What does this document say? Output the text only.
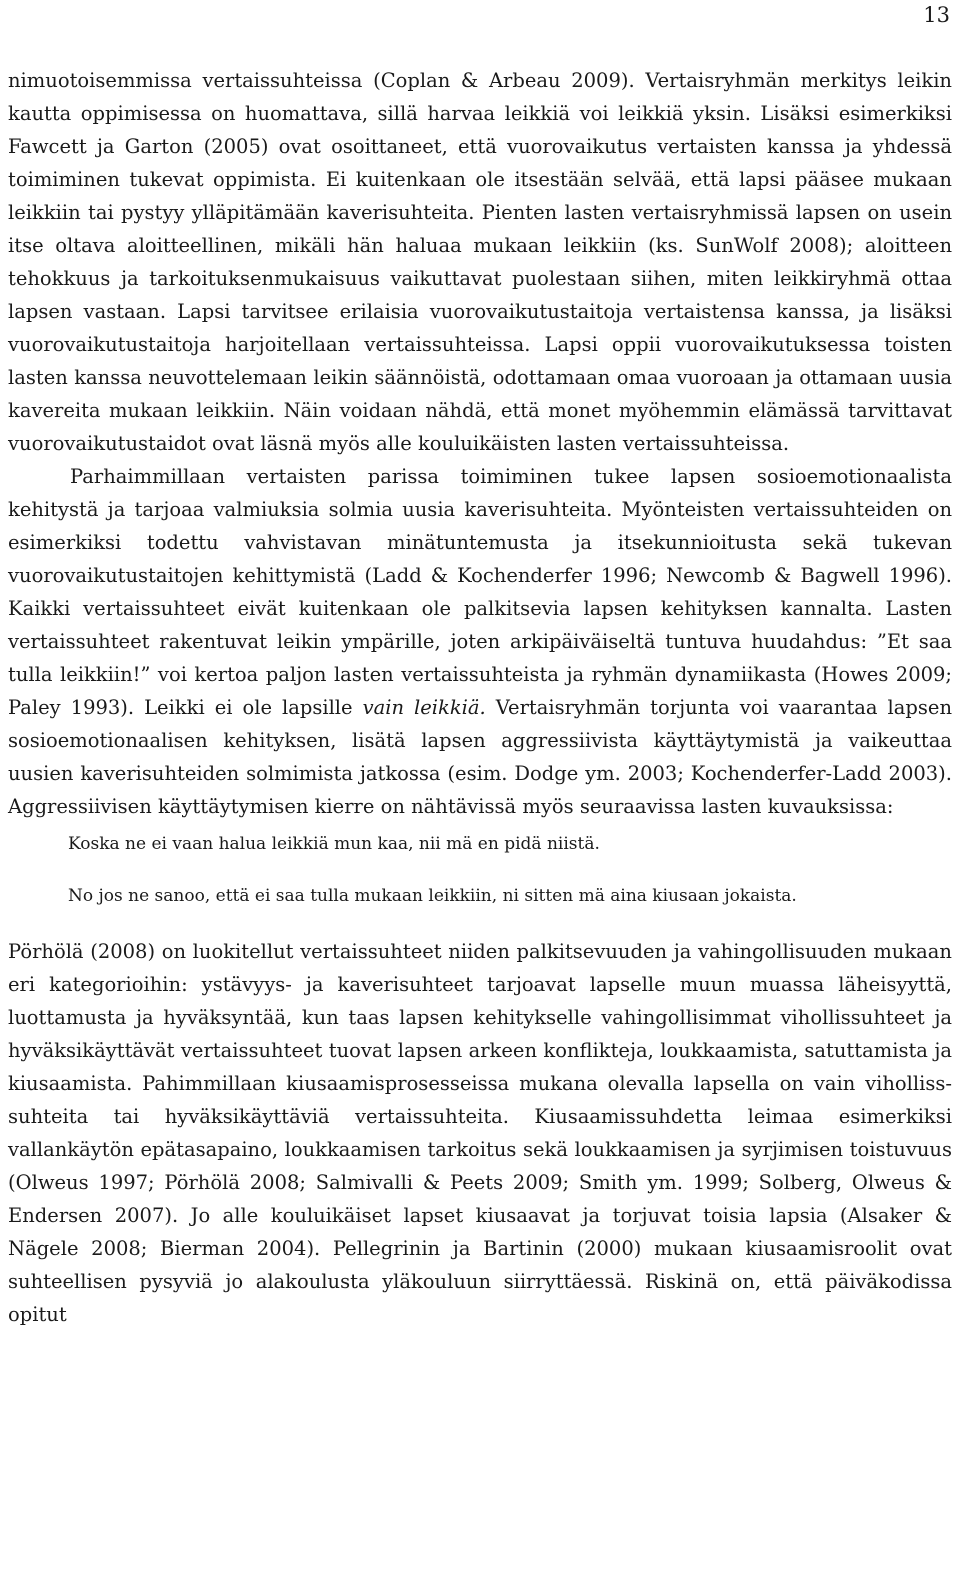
13

nimuotoisemmissa vertaissuhteissa (Coplan & Arbeau 2009). Vertaisryhmän merkitys leikin kautta oppimisessa on huomattava, sillä harvaa leikkiä voi leikkiä yksin. Lisäksi esimerkiksi Fawcett ja Garton (2005) ovat osoittaneet, että vuorovaikutus vertaisten kanssa ja yhdessä toimiminen tukevat oppimista. Ei kuitenkaan ole itsestään selvää, että lapsi pääsee mukaan leikkiin tai pystyy ylläpitämään kaverisuhteita. Pienten lasten vertaisryhmissä lapsen on usein itse oltava aloitteellinen, mikäli hän haluaa mukaan leikkiin (ks. SunWolf 2008); aloitteen tehokkuus ja tarkoituksenmukaisuus vaikuttavat puolestaan siihen, miten leikkiryhmä ottaa lapsen vastaan. Lapsi tarvitsee erilaisia vuorovaikutustaitoja vertaistensa kanssa, ja lisäksi vuorovaikutustaitoja harjoitellaan vertaissuhteissa. Lapsi oppii vuorovaikutuksessa toisten lasten kanssa neuvottelemaan leikin säännöistä, odottamaan omaa vuoroaan ja ottamaan uusia kavereita mukaan leikkiin. Näin voidaan nähdä, että monet myöhemmin elämässä tarvittavat vuorovaikutustaidot ovat läsnä myös alle kouluikäisten lasten vertaissuhteissa.

Parhaimmillaan vertaisten parissa toimiminen tukee lapsen sosioemotionaalista kehitystä ja tarjoaa valmiuksia solmia uusia kaverisuhteita. Myönteisten vertaissuhteiden on esimerkiksi todettu vahvistavan minätuntemusta ja itsekunnioitusta sekä tukevan vuorovaikutustaitojen kehittymistä (Ladd & Kochenderfer 1996; Newcomb & Bagwell 1996). Kaikki vertaissuhteet eivät kuitenkaan ole palkitsevia lapsen kehityksen kannalta. Lasten vertaissuhteet rakentuvat leikin ympärille, joten arkipäiväiseltä tuntuva huudahdus: ”Et saa tulla leikkiin!” voi kertoa paljon lasten vertaissuhteista ja ryhmän dynamiikasta (Howes 2009; Paley 1993). Leikki ei ole lapsille vain leikkiä. Vertaisryhmän torjunta voi vaarantaa lapsen sosioemotionaalisen kehityksen, lisätä lapsen aggressiivista käyttäytymistä ja vaikeuttaa uusien kaverisuhteiden solmimista jatkossa (esim. Dodge ym. 2003; Kochenderfer-Ladd 2003). Aggressiivisen käyttäytymisen kierre on nähtävissä myös seuraavissa lasten kuvauksissa:

Koska ne ei vaan halua leikkiä mun kaa, nii mä en pidä niistä.

No jos ne sanoo, että ei saa tulla mukaan leikkiin, ni sitten mä aina kiusaan jokaista.

Pörhölä (2008) on luokitellut vertaissuhteet niiden palkitsevuuden ja vahingollisuuden mukaan eri kategorioihin: ystävyys- ja kaverisuhteet tarjoavat lapselle muun muassa läheisyyttä, luottamusta ja hyväksyntää, kun taas lapsen kehitykselle vahingollisimmat vihollissuhteet ja hyväksikäyttävät vertaissuhteet tuovat lapsen arkeen konflikteja, loukkaamista, satuttamista ja kiusaamista. Pahimmillaan kiusaamisprosesseissa mukana olevalla lapsella on vain vihollisssuhteita tai hyväksikäyttäviä vertaissuhteita. Kiusaamissuhdetta leimaa esimerkiksi vallankäytön epätasapaino, loukkaamisen tarkoitus sekä loukkaamisen ja syrjimisen toistuvuus (Olweus 1997; Pörhölä 2008; Salmivalli & Peets 2009; Smith ym. 1999; Solberg, Olweus & Endersen 2007). Jo alle kouluikäiset lapset kiusaavat ja torjuvat toisia lapsia (Alsaker & Nägele 2008; Bierman 2004). Pellegrinin ja Bartinin (2000) mukaan kiusaamisroolit ovat suhteellisen pysyviä jo alakoulusta yläkouluun siirryttäessä. Riskinä on, että päiväkodissa opitut
